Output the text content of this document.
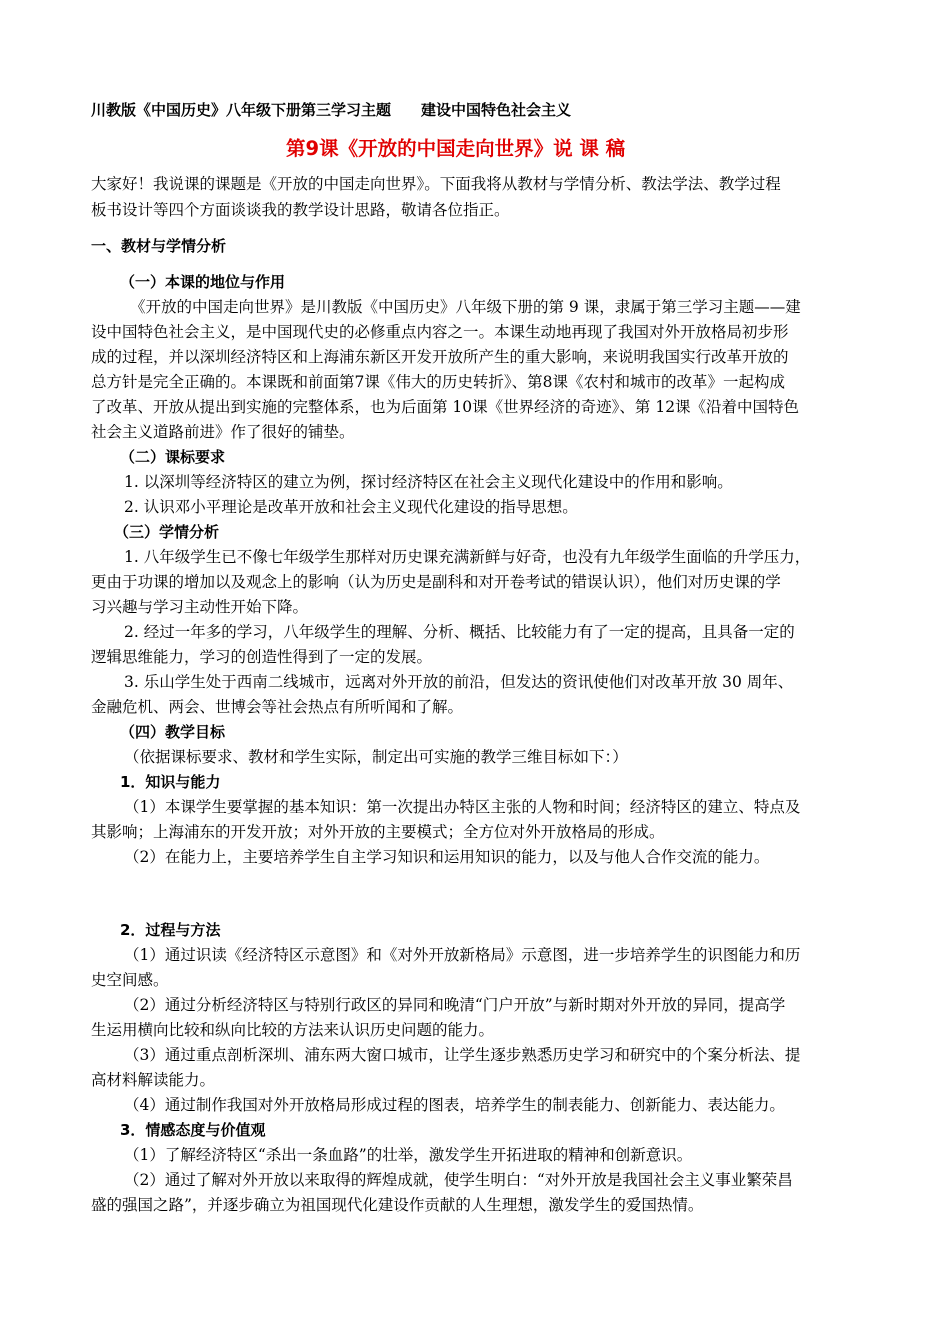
川教版《中国历史》八年级下册第三学习主题　　建设中国特色社会主义
第9课《开放的中国走向世界》说 课 稿
大家好！我说课的课题是《开放的中国走向世界》。下面我将从教材与学情分析、教法学法、教学过程
板书设计等四个方面谈谈我的教学设计思路，敬请各位指正。
一、教材与学情分析
（一）本课的地位与作用
《开放的中国走向世界》是川教版《中国历史》八年级下册的第 9 课，隶属于第三学习主题——建
设中国特色社会主义，是中国现代史的必修重点内容之一。本课生动地再现了我国对外开放格局初步形
成的过程，并以深圳经济特区和上海浦东新区开发开放所产生的重大影响，来说明我国实行改革开放的
总方针是完全正确的。本课既和前面第7课《伟大的历史转折》、第8课《农村和城市的改革》一起构成
了改革、开放从提出到实施的完整体系，也为后面第 10课《世界经济的奇迹》、第 12课《沿着中国特色
社会主义道路前进》作了很好的铺垫。
（二）课标要求
1. 以深圳等经济特区的建立为例，探讨经济特区在社会主义现代化建设中的作用和影响。
2. 认识邓小平理论是改革开放和社会主义现代化建设的指导思想。
（三）学情分析
1. 八年级学生已不像七年级学生那样对历史课充满新鲜与好奇，也没有九年级学生面临的升学压力，
更由于功课的增加以及观念上的影响（认为历史是副科和对开卷考试的错误认识），他们对历史课的学
习兴趣与学习主动性开始下降。
2. 经过一年多的学习，八年级学生的理解、分析、概括、比较能力有了一定的提高，且具备一定的
逻辑思维能力，学习的创造性得到了一定的发展。
3. 乐山学生处于西南二线城市，远离对外开放的前沿，但发达的资讯使他们对改革开放 30 周年、
金融危机、两会、世博会等社会热点有所听闻和了解。
（四）教学目标
（依据课标要求、教材和学生实际，制定出可实施的教学三维目标如下：）
1．知识与能力
（1）本课学生要掌握的基本知识：第一次提出办特区主张的人物和时间；经济特区的建立、特点及
其影响；上海浦东的开发开放；对外开放的主要模式；全方位对外开放格局的形成。
（2）在能力上，主要培养学生自主学习知识和运用知识的能力，以及与他人合作交流的能力。
2．过程与方法
（1）通过识读《经济特区示意图》和《对外开放新格局》示意图，进一步培养学生的识图能力和历
史空间感。
（2）通过分析经济特区与特别行政区的异同和晚清“门户开放”与新时期对外开放的异同，提高学
生运用横向比较和纵向比较的方法来认识历史问题的能力。
（3）通过重点剖析深圳、浦东两大窗口城市，让学生逐步熟悉历史学习和研究中的个案分析法、提
高材料解读能力。
（4）通过制作我国对外开放格局形成过程的图表，培养学生的制表能力、创新能力、表达能力。
3．情感态度与价值观
（1）了解经济特区“杀出一条血路”的壮举，激发学生开拓进取的精神和创新意识。
（2）通过了解对外开放以来取得的辉煌成就，使学生明白：“对外开放是我国社会主义事业繁荣昌
盛的强国之路”，并逐步确立为祖国现代化建设作贡献的人生理想，激发学生的爱国热情。
